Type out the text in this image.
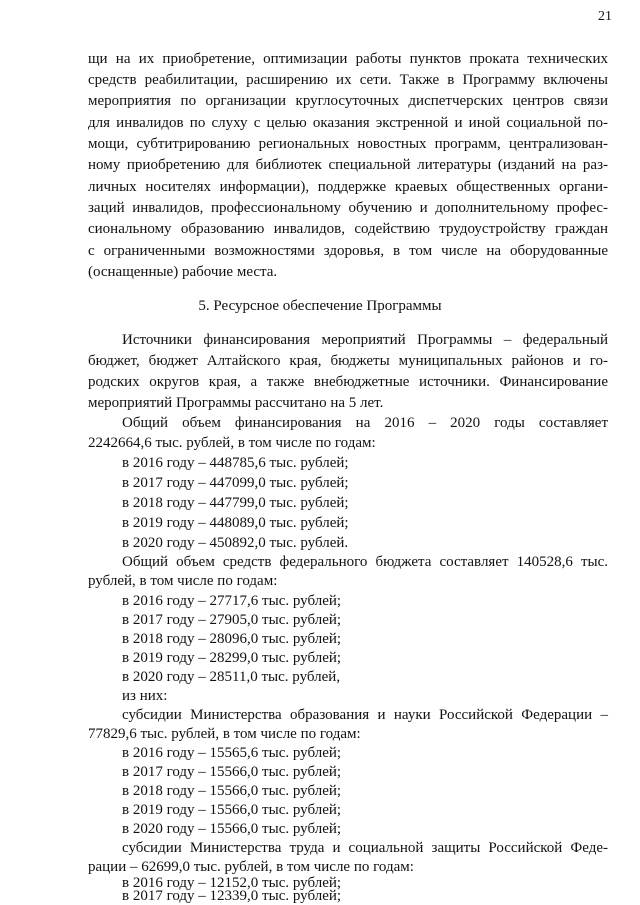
21
щи на их приобретение, оптимизации работы пунктов проката технических
средств реабилитации, расширению их сети. Также в Программу включены
мероприятия по организации круглосуточных диспетчерских центров связи
для инвалидов по слуху с целью оказания экстренной и иной социальной по-
мощи, субтитрированию региональных новостных программ, централизован-
ному приобретению для библиотек специальной литературы (изданий на раз-
личных носителях информации), поддержке краевых общественных органи-
заций инвалидов, профессиональному обучению и дополнительному профес-
сиональному образованию инвалидов, содействию трудоустройству граждан
с ограниченными возможностями здоровья, в том числе на оборудованные
(оснащенные) рабочие места.
5. Ресурсное обеспечение Программы
Источники финансирования мероприятий Программы – федеральный
бюджет, бюджет Алтайского края, бюджеты муниципальных районов и го-
родских округов края, а также внебюджетные источники. Финансирование
мероприятий Программы рассчитано на 5 лет.
Общий объем финансирования на 2016 – 2020 годы составляет
2242664,6 тыс. рублей, в том числе по годам:
в 2016 году – 448785,6 тыс. рублей;
в 2017 году – 447099,0 тыс. рублей;
в 2018 году – 447799,0 тыс. рублей;
в 2019 году – 448089,0 тыс. рублей;
в 2020 году – 450892,0 тыс. рублей.
Общий объем средств федерального бюджета составляет 140528,6 тыс.
рублей, в том числе по годам:
в 2016 году – 27717,6 тыс. рублей;
в 2017 году – 27905,0 тыс. рублей;
в 2018 году – 28096,0 тыс. рублей;
в 2019 году – 28299,0 тыс. рублей;
в 2020 году – 28511,0 тыс. рублей,
из них:
субсидии Министерства образования и науки Российской Федерации –
77829,6 тыс. рублей, в том числе по годам:
в 2016 году – 15565,6 тыс. рублей;
в 2017 году – 15566,0 тыс. рублей;
в 2018 году – 15566,0 тыс. рублей;
в 2019 году – 15566,0 тыс. рублей;
в 2020 году – 15566,0 тыс. рублей;
субсидии Министерства труда и социальной защиты Российской Феде-
рации – 62699,0 тыс. рублей, в том числе по годам:
в 2016 году – 12152,0 тыс. рублей;
в 2017 году – 12339,0 тыс. рублей;
